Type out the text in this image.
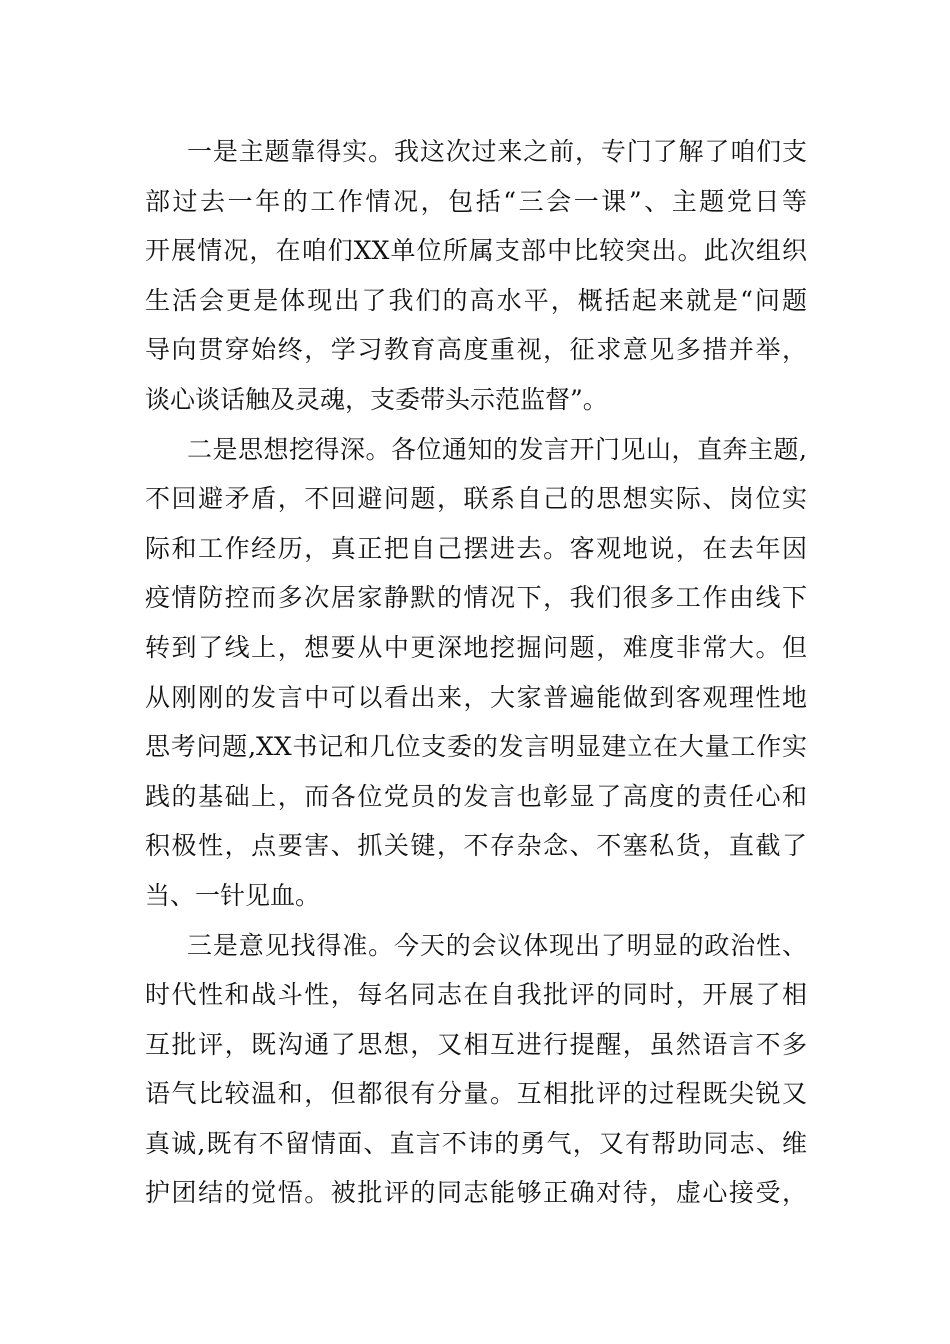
一是主题靠得实。我这次过来之前，专门了解了咱们支
部过去一年的工作情况，包括“三会一课”、主题党日等
开展情况，在咱们XX单位所属支部中比较突出。此次组织
生活会更是体现出了我们的高水平，概括起来就是“问题
导向贯穿始终，学习教育高度重视，征求意见多措并举，
谈心谈话触及灵魂，支委带头示范监督”。
二是思想挖得深。各位通知的发言开门见山，直奔主题,
不回避矛盾，不回避问题，联系自己的思想实际、岗位实
际和工作经历，真正把自己摆进去。客观地说，在去年因
疫情防控而多次居家静默的情况下，我们很多工作由线下
转到了线上，想要从中更深地挖掘问题，难度非常大。但
从刚刚的发言中可以看出来，大家普遍能做到客观理性地
思考问题,XX书记和几位支委的发言明显建立在大量工作实
践的基础上，而各位党员的发言也彰显了高度的责任心和
积极性，点要害、抓关键，不存杂念、不塞私货，直截了
当、一针见血。
三是意见找得准。今天的会议体现出了明显的政治性、
时代性和战斗性，每名同志在自我批评的同时，开展了相
互批评，既沟通了思想，又相互进行提醒，虽然语言不多
语气比较温和，但都很有分量。互相批评的过程既尖锐又
真诚,既有不留情面、直言不讳的勇气，又有帮助同志、维
护团结的觉悟。被批评的同志能够正确对待，虚心接受，
